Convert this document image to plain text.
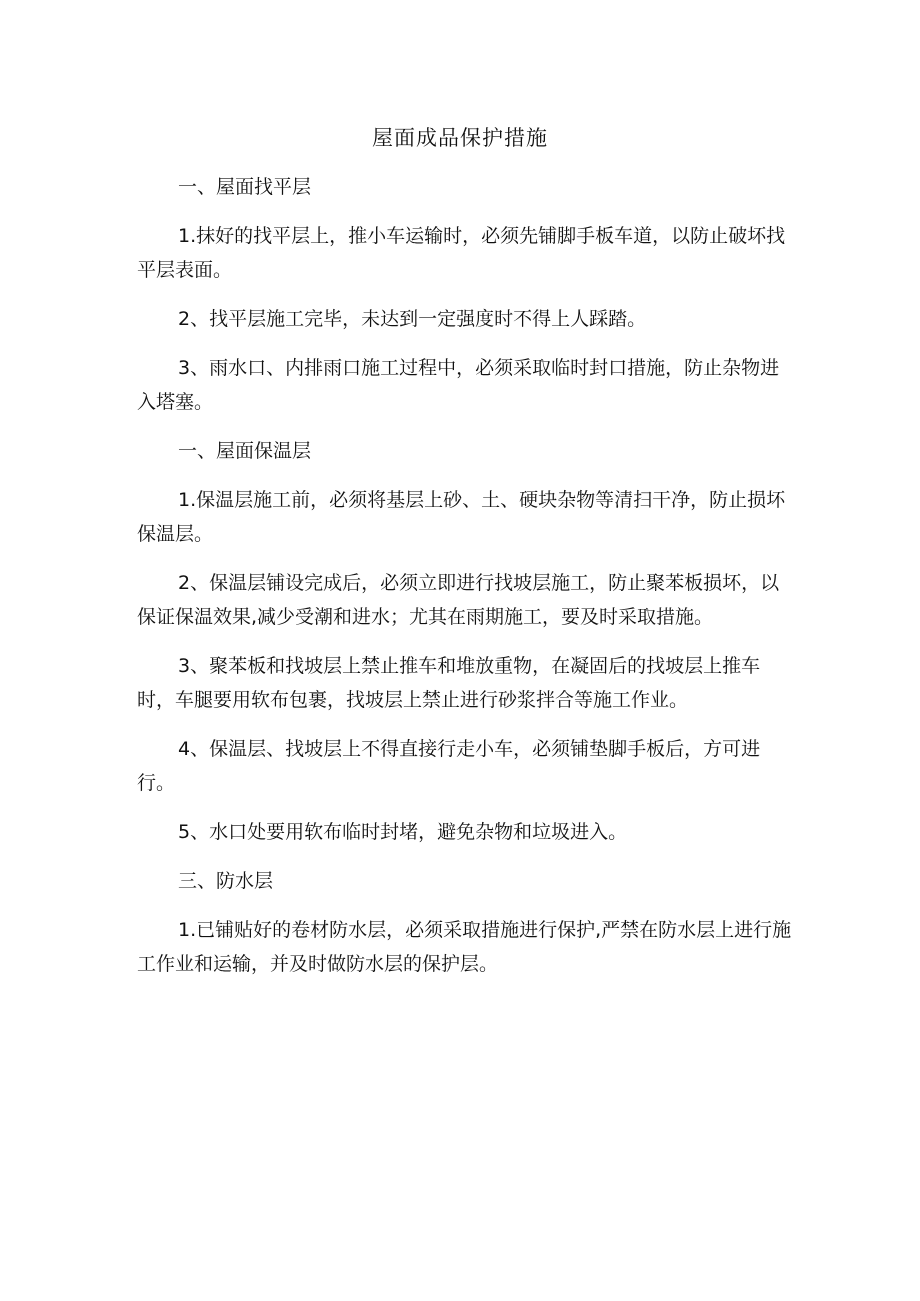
屋面成品保护措施

一、屋面找平层

1.抹好的找平层上，推小车运输时，必须先铺脚手板车道，以防止破坏找平层表面。

2、找平层施工完毕，未达到一定强度时不得上人踩踏。

3、雨水口、内排雨口施工过程中，必须采取临时封口措施，防止杂物进入塔塞。

一、屋面保温层

1.保温层施工前，必须将基层上砂、土、硬块杂物等清扫干净，防止损坏保温层。

2、保温层铺设完成后，必须立即进行找坡层施工，防止聚苯板损坏，以保证保温效果,减少受潮和进水；尤其在雨期施工，要及时采取措施。

3、聚苯板和找坡层上禁止推车和堆放重物，在凝固后的找坡层上推车时，车腿要用软布包裹，找坡层上禁止进行砂浆拌合等施工作业。

4、保温层、找坡层上不得直接行走小车，必须铺垫脚手板后，方可进行。

5、水口处要用软布临时封堵，避免杂物和垃圾进入。

三、防水层

1.已铺贴好的卷材防水层，必须采取措施进行保护,严禁在防水层上进行施工作业和运输，并及时做防水层的保护层。
